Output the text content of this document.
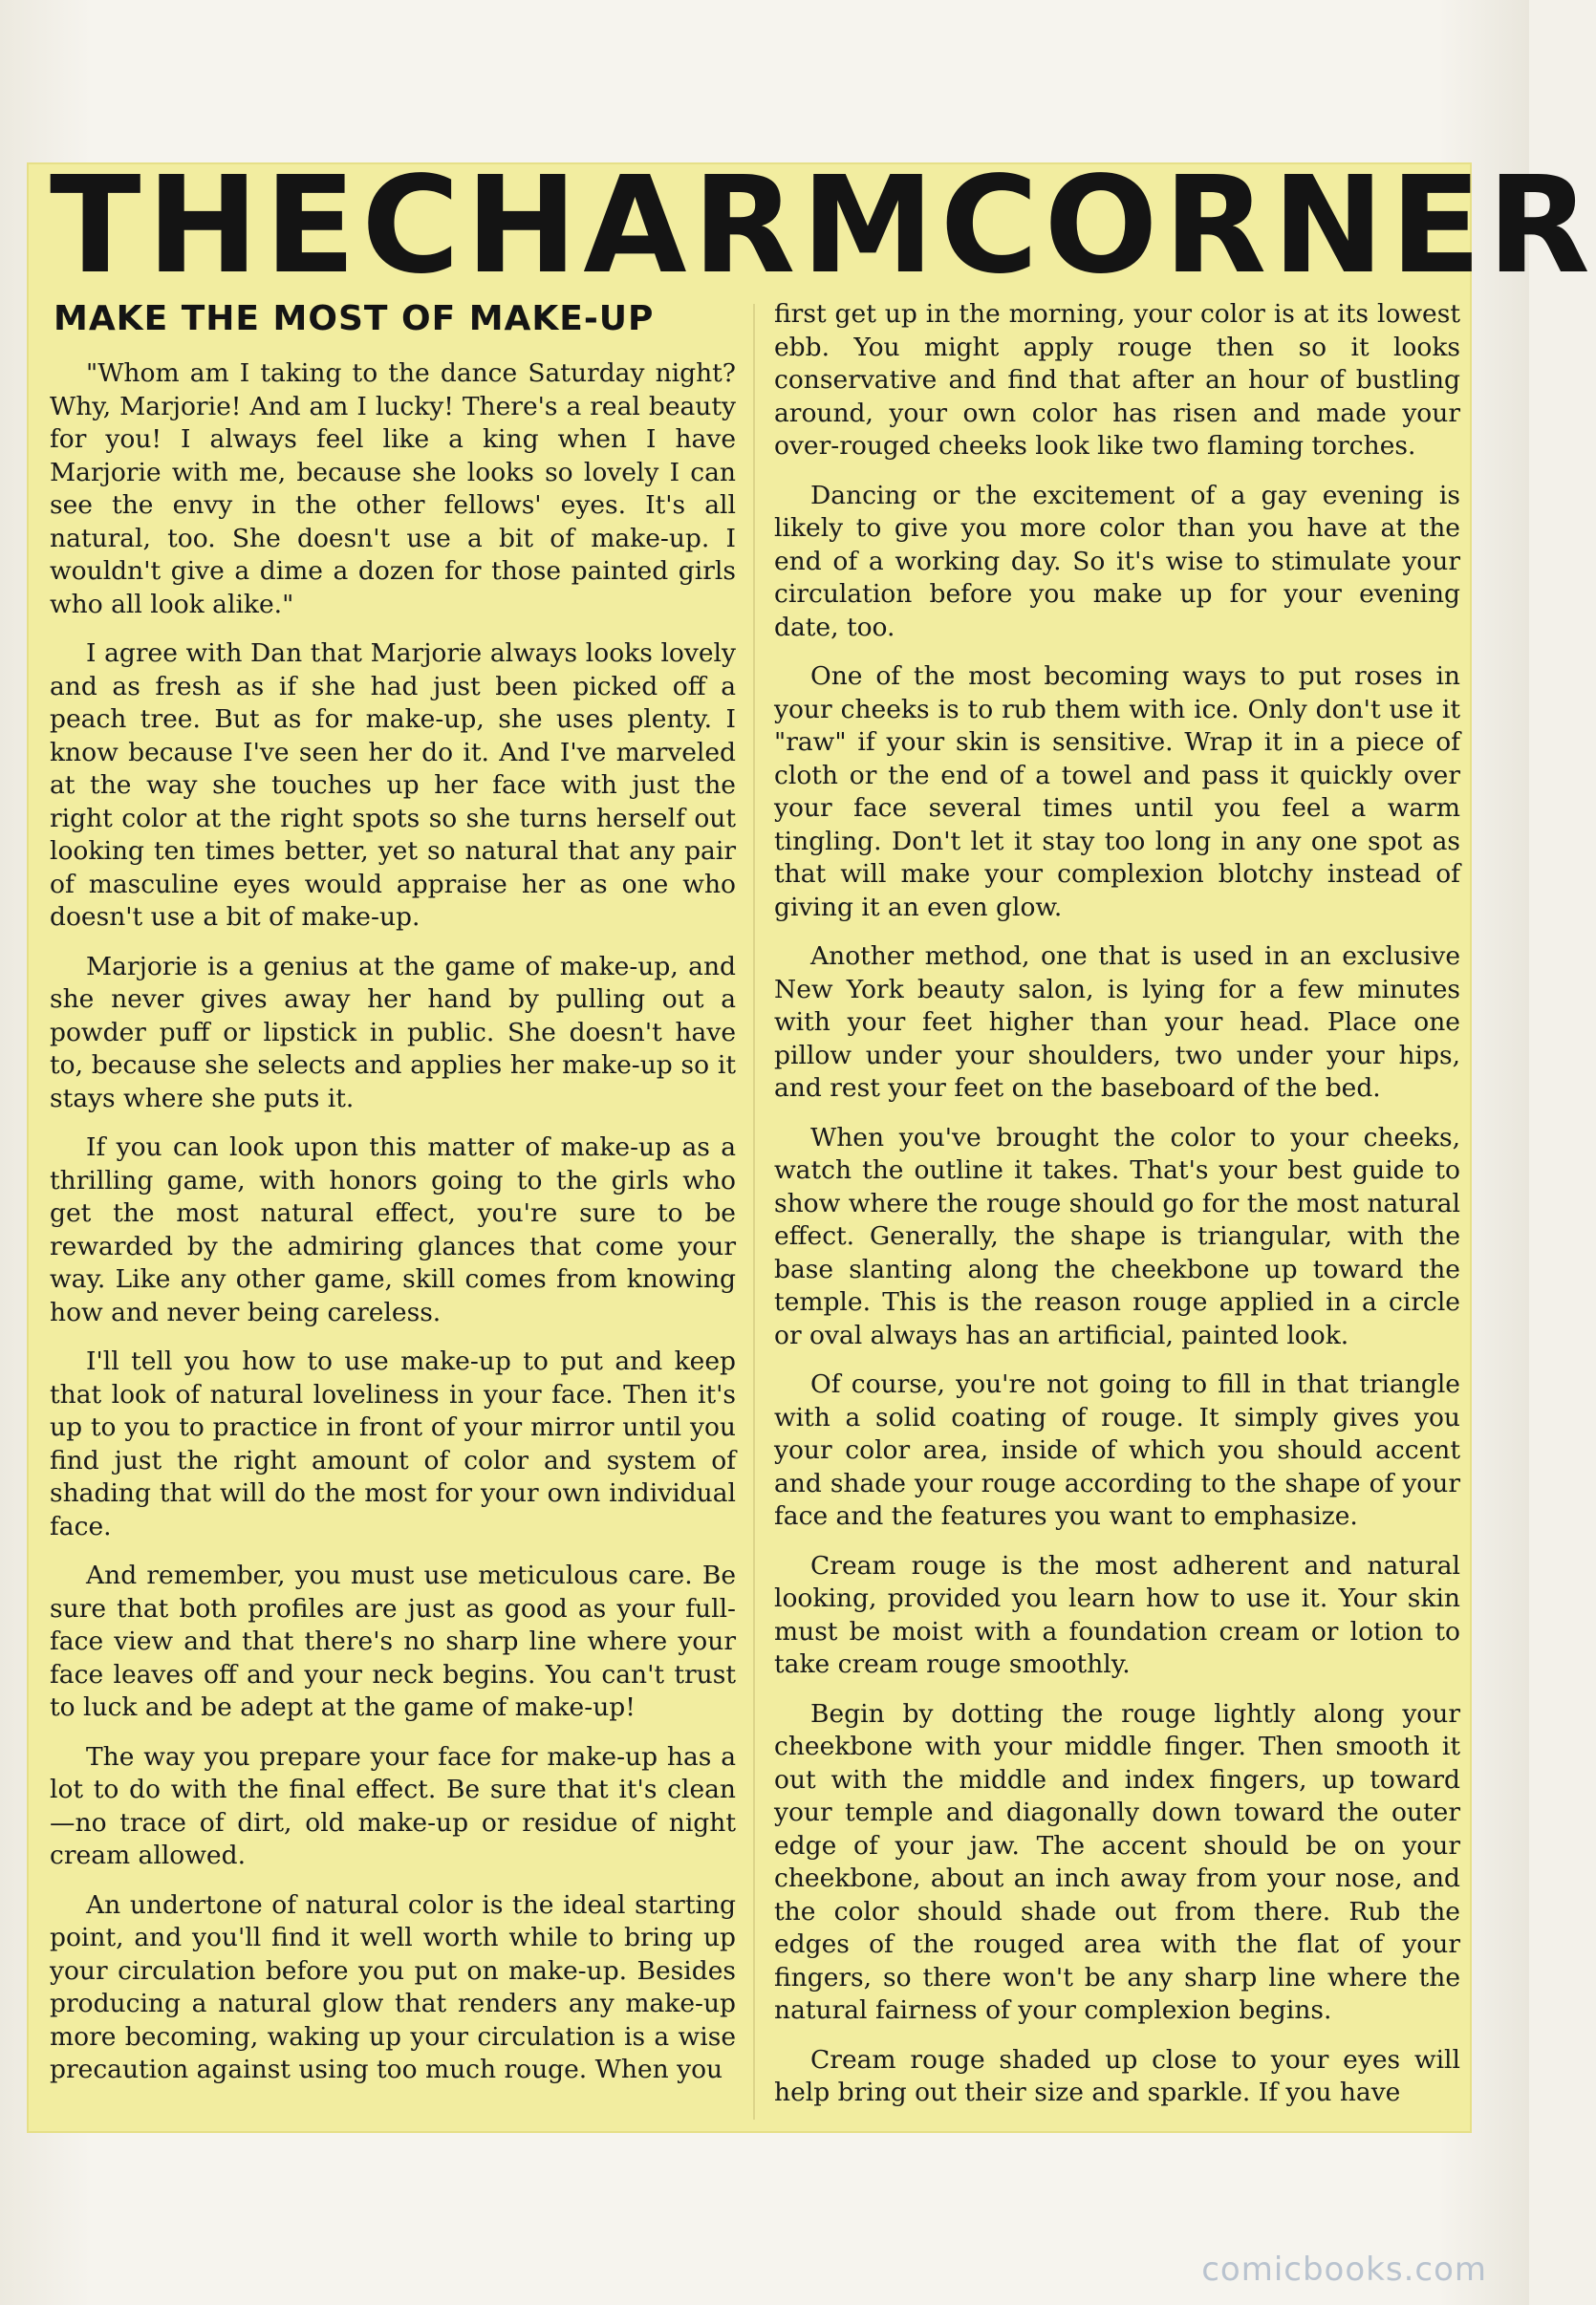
THE CHARM CORNER
MAKE THE MOST OF MAKE-UP

"Whom am I taking to the dance Saturday night? Why, Marjorie! And am I lucky! There's a real beauty for you! I always feel like a king when I have Marjorie with me, because she looks so lovely I can see the envy in the other fellows' eyes. It's all natural, too. She doesn't use a bit of make-up. I wouldn't give a dime a dozen for those painted girls who all look alike."

I agree with Dan that Marjorie always looks lovely and as fresh as if she had just been picked off a peach tree. But as for make-up, she uses plenty. I know because I've seen her do it. And I've marveled at the way she touches up her face with just the right color at the right spots so she turns herself out looking ten times better, yet so natural that any pair of masculine eyes would appraise her as one who doesn't use a bit of make-up.

Marjorie is a genius at the game of make-up, and she never gives away her hand by pulling out a powder puff or lipstick in public. She doesn't have to, because she selects and applies her make-up so it stays where she puts it.

If you can look upon this matter of make-up as a thrilling game, with honors going to the girls who get the most natural effect, you're sure to be rewarded by the admiring glances that come your way. Like any other game, skill comes from knowing how and never being careless.

I'll tell you how to use make-up to put and keep that look of natural loveliness in your face. Then it's up to you to practice in front of your mirror until you find just the right amount of color and system of shading that will do the most for your own individual face.

And remember, you must use meticulous care. Be sure that both profiles are just as good as your full-face view and that there's no sharp line where your face leaves off and your neck begins. You can't trust to luck and be adept at the game of make-up!

The way you prepare your face for make-up has a lot to do with the final effect. Be sure that it's clean—no trace of dirt, old make-up or residue of night cream allowed.

An undertone of natural color is the ideal starting point, and you'll find it well worth while to bring up your circulation before you put on make-up. Besides producing a natural glow that renders any make-up more becoming, waking up your circulation is a wise precaution against using too much rouge. When you

first get up in the morning, your color is at its lowest ebb. You might apply rouge then so it looks conservative and find that after an hour of bustling around, your own color has risen and made your over-rouged cheeks look like two flaming torches.

Dancing or the excitement of a gay evening is likely to give you more color than you have at the end of a working day. So it's wise to stimulate your circulation before you make up for your evening date, too.

One of the most becoming ways to put roses in your cheeks is to rub them with ice. Only don't use it "raw" if your skin is sensitive. Wrap it in a piece of cloth or the end of a towel and pass it quickly over your face several times until you feel a warm tingling. Don't let it stay too long in any one spot as that will make your complexion blotchy instead of giving it an even glow.

Another method, one that is used in an exclusive New York beauty salon, is lying for a few minutes with your feet higher than your head. Place one pillow under your shoulders, two under your hips, and rest your feet on the baseboard of the bed.

When you've brought the color to your cheeks, watch the outline it takes. That's your best guide to show where the rouge should go for the most natural effect. Generally, the shape is triangular, with the base slanting along the cheekbone up toward the temple. This is the reason rouge applied in a circle or oval always has an artificial, painted look.

Of course, you're not going to fill in that triangle with a solid coating of rouge. It simply gives you your color area, inside of which you should accent and shade your rouge according to the shape of your face and the features you want to emphasize.

Cream rouge is the most adherent and natural looking, provided you learn how to use it. Your skin must be moist with a foundation cream or lotion to take cream rouge smoothly.

Begin by dotting the rouge lightly along your cheekbone with your middle finger. Then smooth it out with the middle and index fingers, up toward your temple and diagonally down toward the outer edge of your jaw. The accent should be on your cheekbone, about an inch away from your nose, and the color should shade out from there. Rub the edges of the rouged area with the flat of your fingers, so there won't be any sharp line where the natural fairness of your complexion begins.

Cream rouge shaded up close to your eyes will help bring out their size and sparkle. If you have

comicbooks.com
